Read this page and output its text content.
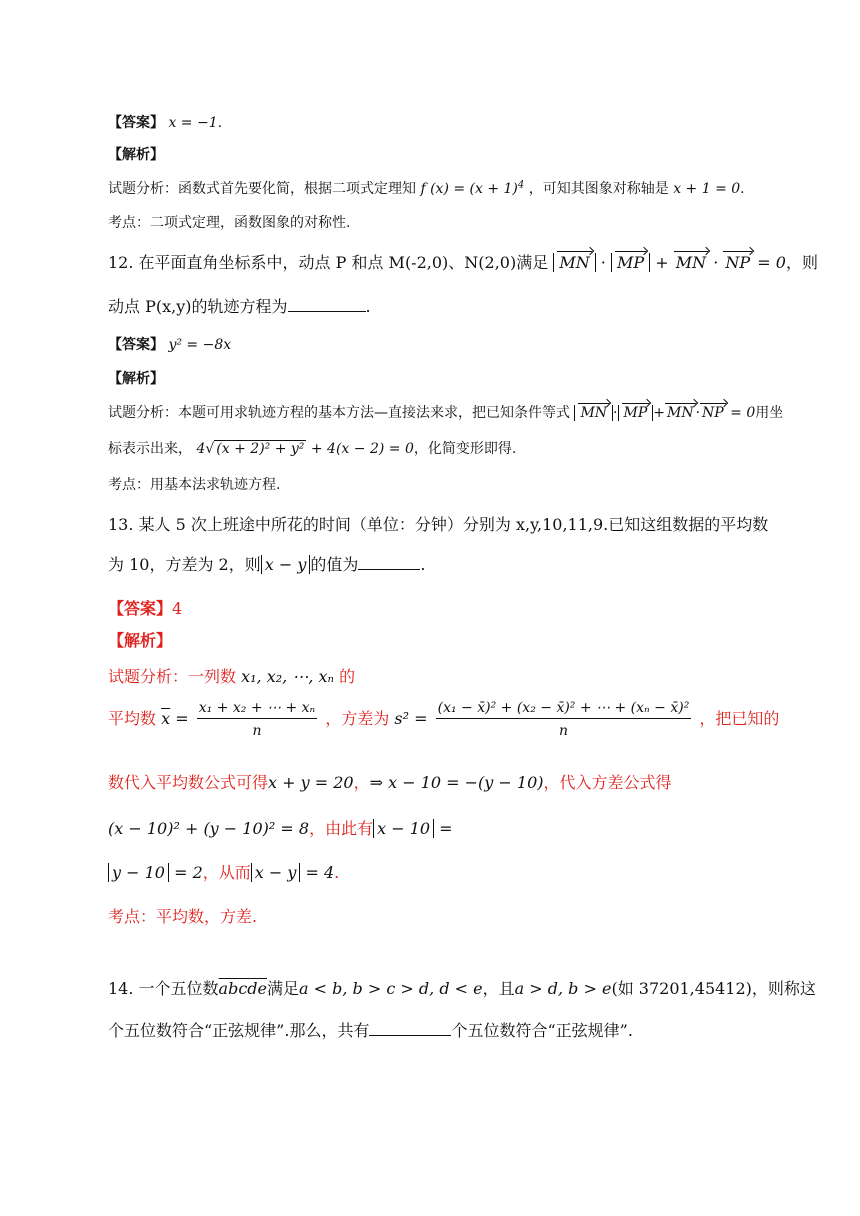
【答案】 x = −1.
【解析】
试题分析：函数式首先要化简，根据二项式定理知 f $(x) = (x + 1)^4$ ，可知其图象对称轴是 x + 1 = 0.
考点：二项式定理，函数图象的对称性.
12. 在平面直角坐标系中，动点 P 和点 M(-2,0)、N(2,0)满足 MN · MP + MN · NP = 0，则
动点 P(x,y)的轨迹方程为	.
【答案】 y² = −8x
【解析】
试题分析：本题可用求轨迹方程的基本方法—直接法来求，把已知条件等式 MN · MP + MN · NP = 0用坐
标表示出来， 4√ (x + 2)² + y² + 4(x − 2) = 0，化简变形即得.
考点：用基本法求轨迹方程.
13. 某人 5 次上班途中所花的时间（单位：分钟）分别为 x,y,10,11,9.已知这组数据的平均数
为 10，方差为 2，则 x − y 的值为	.
【答案】4
【解析】
试题分析：一列数 x₁, x₂, ⋯, xₙ 的
平均数 $\overline{x} = \frac{\text{x₁ + x₂ + ⋯ + xₙ}}{n}$ ，方差为 $s^2 = \frac{\text{(x₁ − x̄)² + (x₂ − x̄)² + ⋯ + (xₙ − x̄)²}}{n}$ ，把已知的
数代入平均数公式可得x + y = 20，⇒ x − 10 = −(y − 10)，代入方差公式得
(x − 10)² + (y − 10)² = 8，由此有 x − 10 =
y − 10 = 2，从而 x − y = 4.
考点：平均数，方差.
14. 一个五位数abcde满足a < b, b > c > d, d < e，且a > d, b > e(如 37201,45412)，则称这
个五位数符合“正弦规律”.那么，共有	个五位数符合“正弦规律”.
